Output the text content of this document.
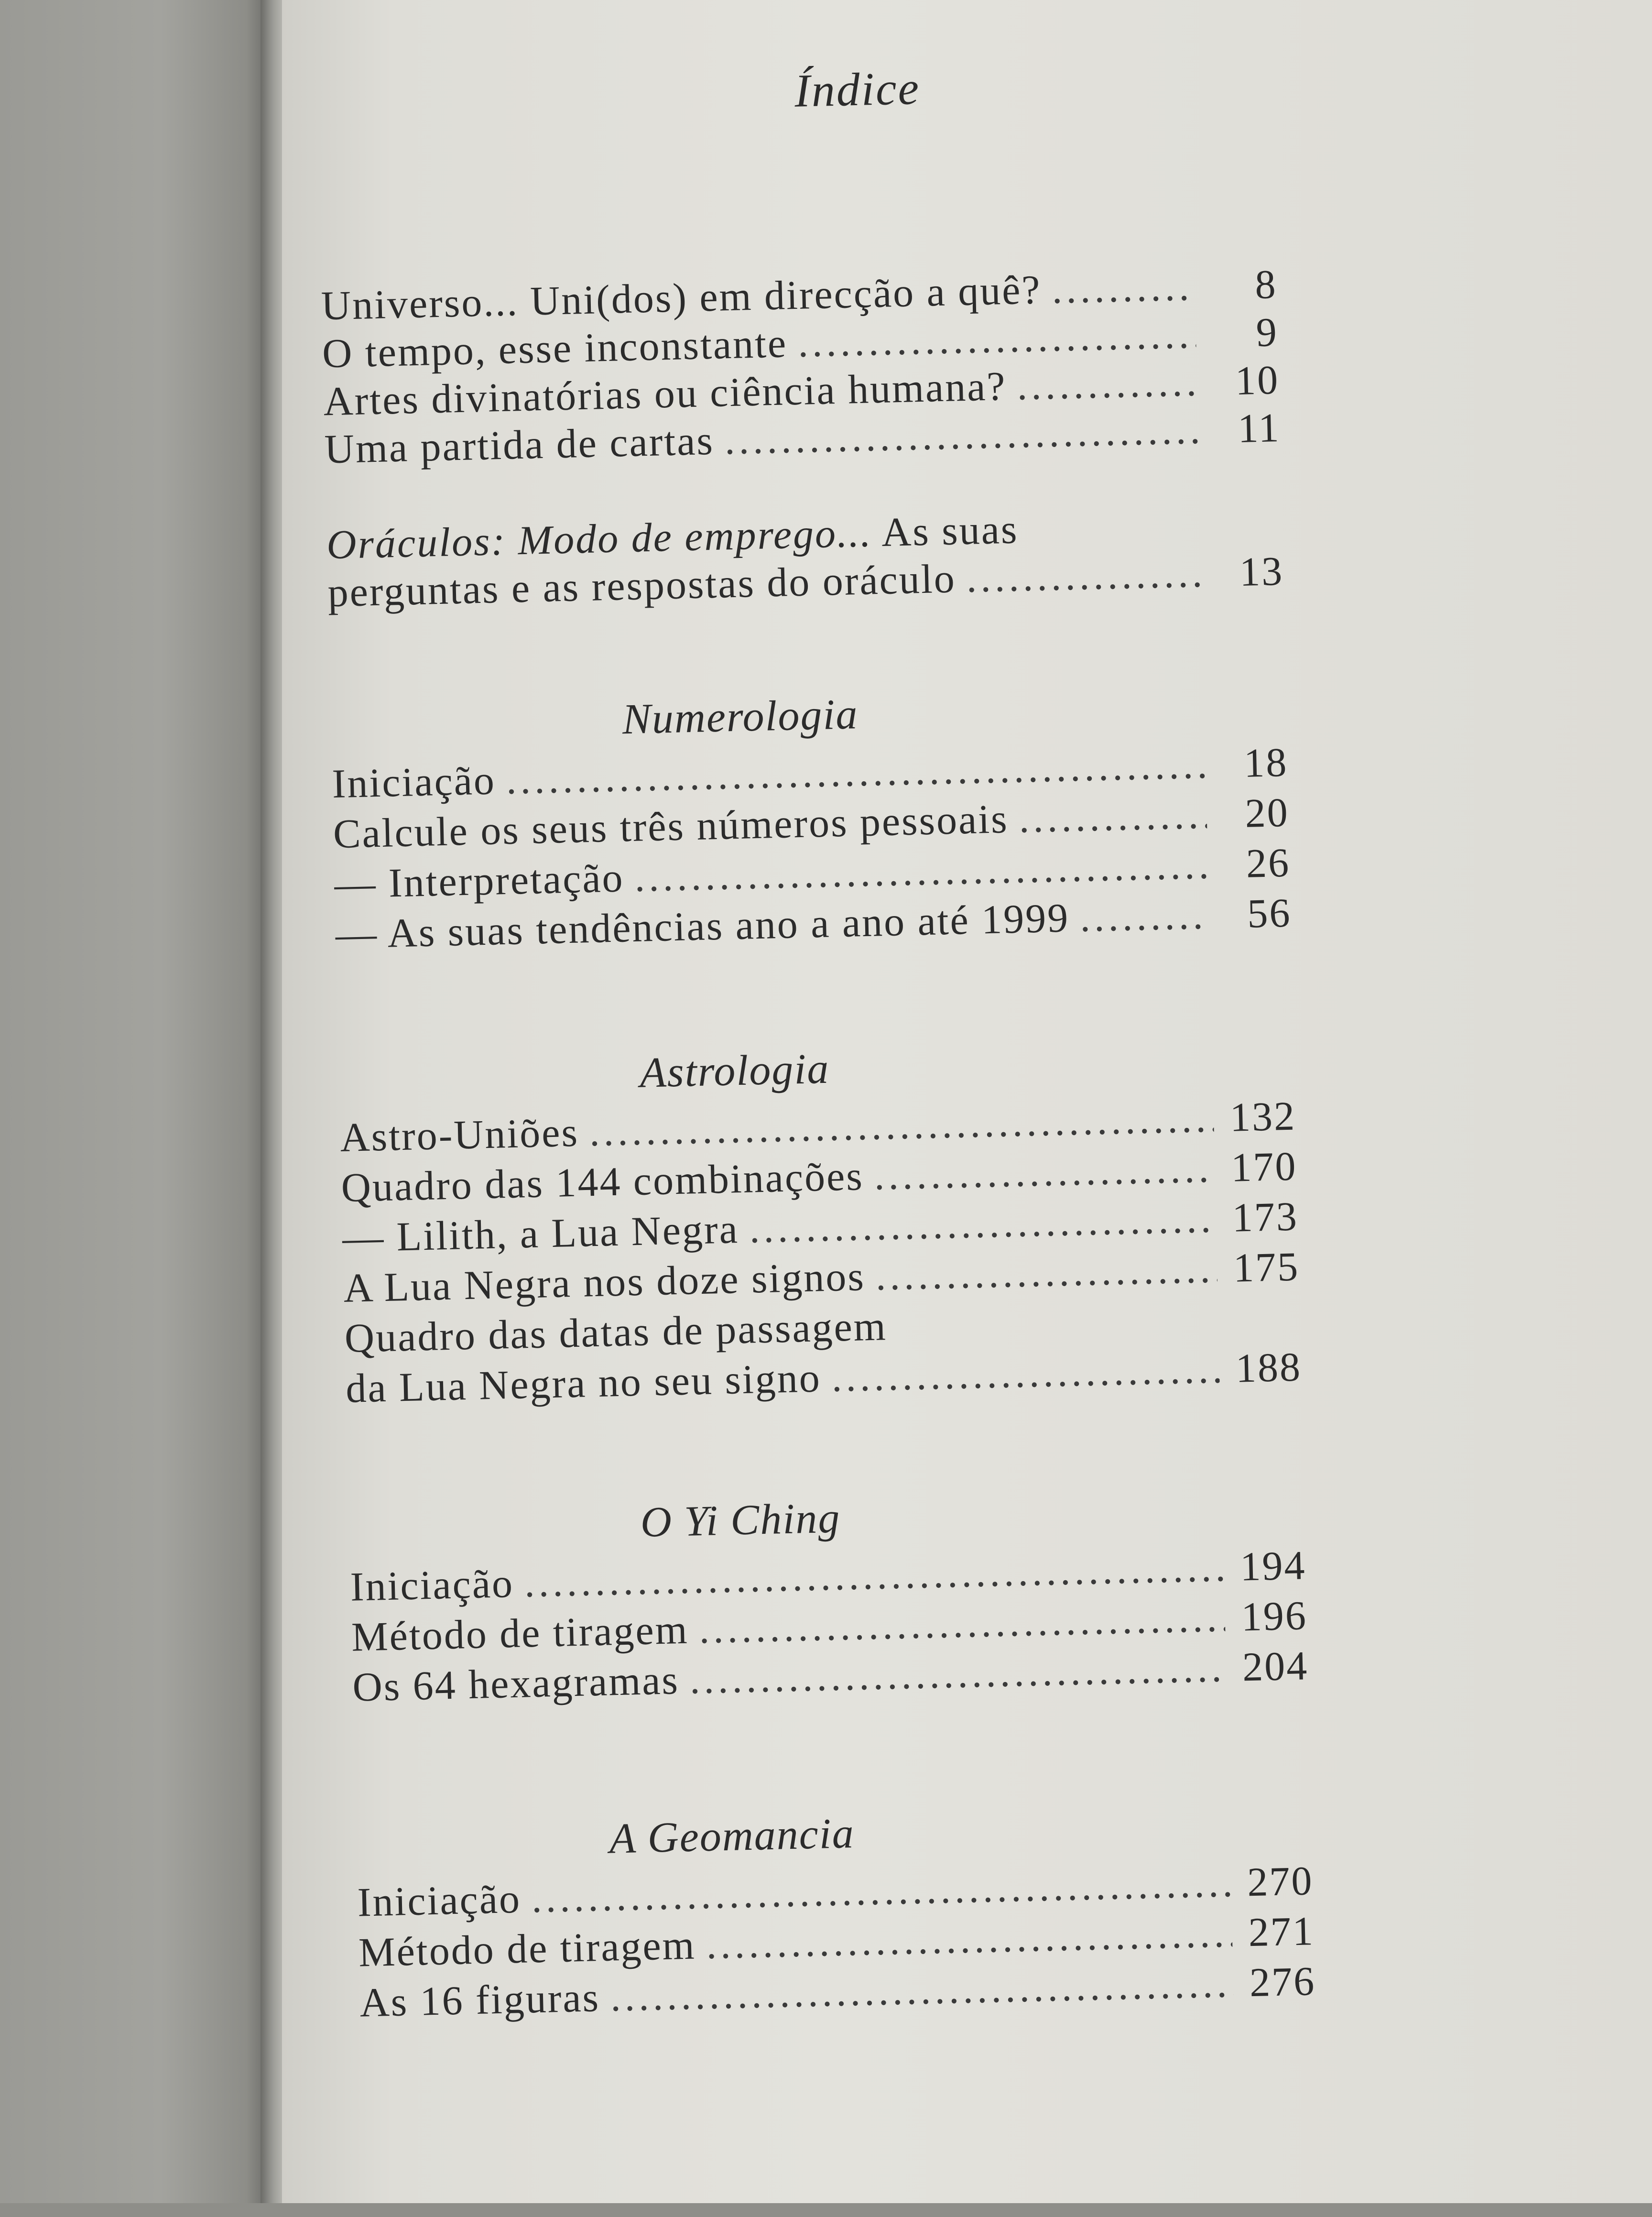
Índice
Universo... Uni(dos) em direcção a quê? .....	8
O tempo, esse inconstante .....	9
Artes divinatórias ou ciência humana? .....	10
Uma partida de cartas .....	11
Oráculos: Modo de emprego... As suas
perguntas e as respostas do oráculo .....	13
Numerologia
Iniciação .....	18
Calcule os seus três números pessoais .....	20
— Interpretação .....	26
— As suas tendências ano a ano até 1999 .....	56
Astrologia
Astro-Uniões .....	132
Quadro das 144 combinações .....	170
— Lilith, a Lua Negra .....	173
A Lua Negra nos doze signos .....	175
Quadro das datas de passagem
da Lua Negra no seu signo .....	188
O Yi Ching
Iniciação .....	194
Método de tiragem .....	196
Os 64 hexagramas .....	204
A Geomancia
Iniciação .....	270
Método de tiragem .....	271
As 16 figuras .....	276
